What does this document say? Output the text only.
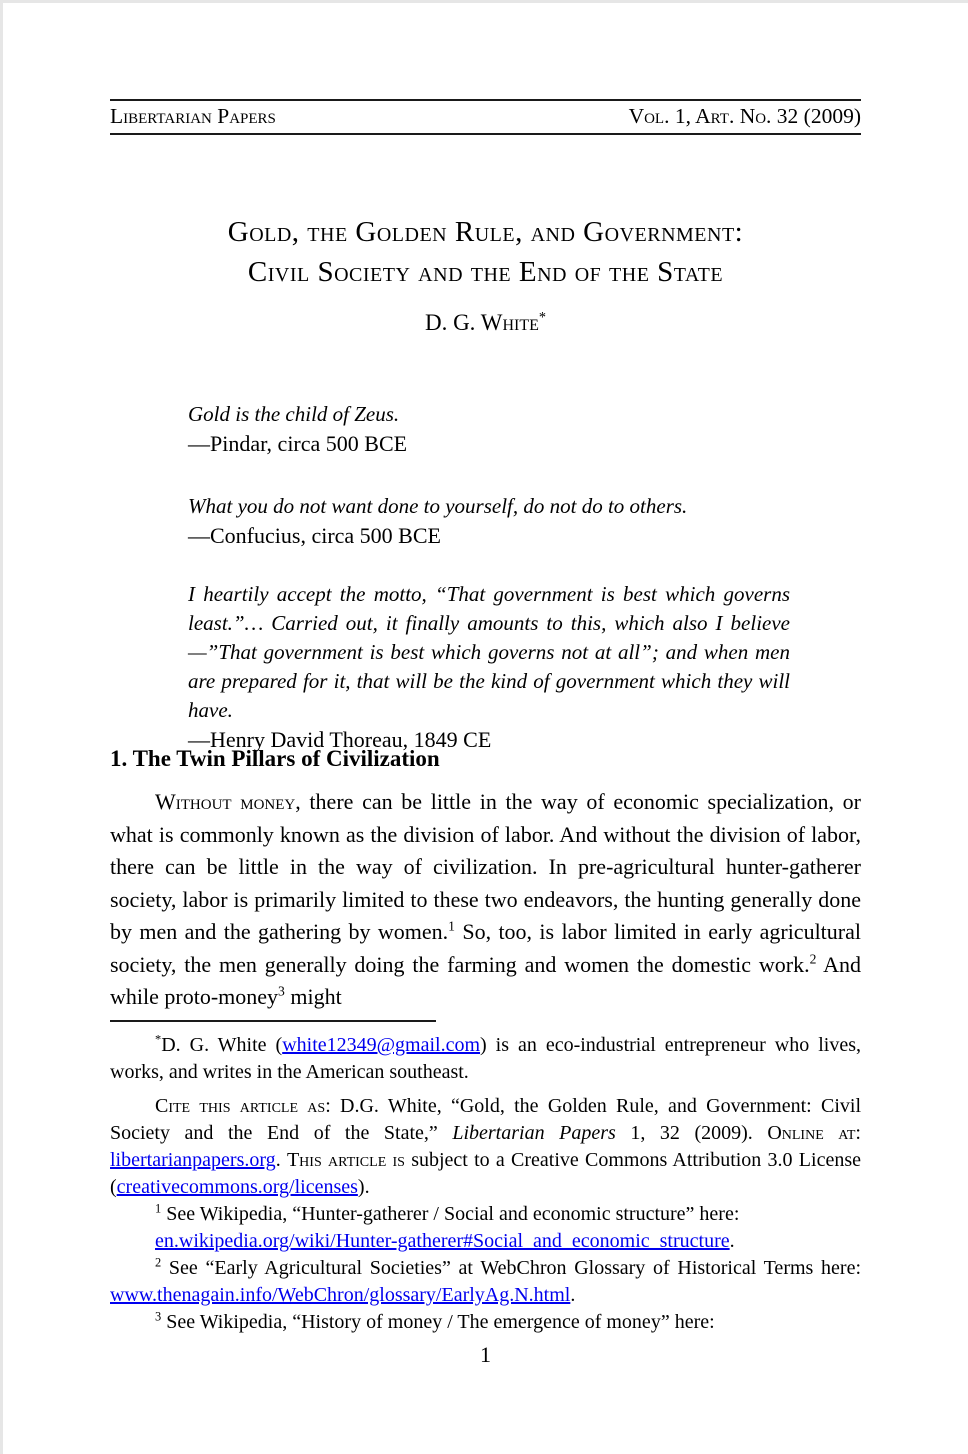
Libertarian Papers	Vol. 1, Art. No. 32 (2009)
Gold, the Golden Rule, and Government:
Civil Society and the End of the State
D. G. White*
Gold is the child of Zeus.
—Pindar, circa 500 BCE
What you do not want done to yourself, do not do to others.
—Confucius, circa 500 BCE
I heartily accept the motto, “That government is best which governs least.”… Carried out, it finally amounts to this, which also I believe—”That government is best which governs not at all”; and when men are prepared for it, that will be the kind of government which they will have.
—Henry David Thoreau, 1849 CE
1. The Twin Pillars of Civilization
Without money, there can be little in the way of economic specialization, or what is commonly known as the division of labor. And without the division of labor, there can be little in the way of civilization. In pre-agricultural hunter-gatherer society, labor is primarily limited to these two endeavors, the hunting generally done by men and the gathering by women.$^1$ So, too, is labor limited in early agricultural society, the men generally doing the farming and women the domestic work.$^2$ And while proto-money$^3$ might
*D. G. White (white12349@gmail.com) is an eco-industrial entrepreneur who lives, works, and writes in the American southeast.
Cite this article as: D.G. White, “Gold, the Golden Rule, and Government: Civil Society and the End of the State,” Libertarian Papers 1, 32 (2009). Online at: libertarianpapers.org. This article is subject to a Creative Commons Attribution 3.0 License (creativecommons.org/licenses).
$^1$ See Wikipedia, “Hunter-gatherer / Social and economic structure” here:
en.wikipedia.org/wiki/Hunter-gatherer#Social_and_economic_structure.
$^2$ See “Early Agricultural Societies” at WebChron Glossary of Historical Terms here:
www.thenagain.info/WebChron/glossary/EarlyAg.N.html.
$^3$ See Wikipedia, “History of money / The emergence of money” here:
1
